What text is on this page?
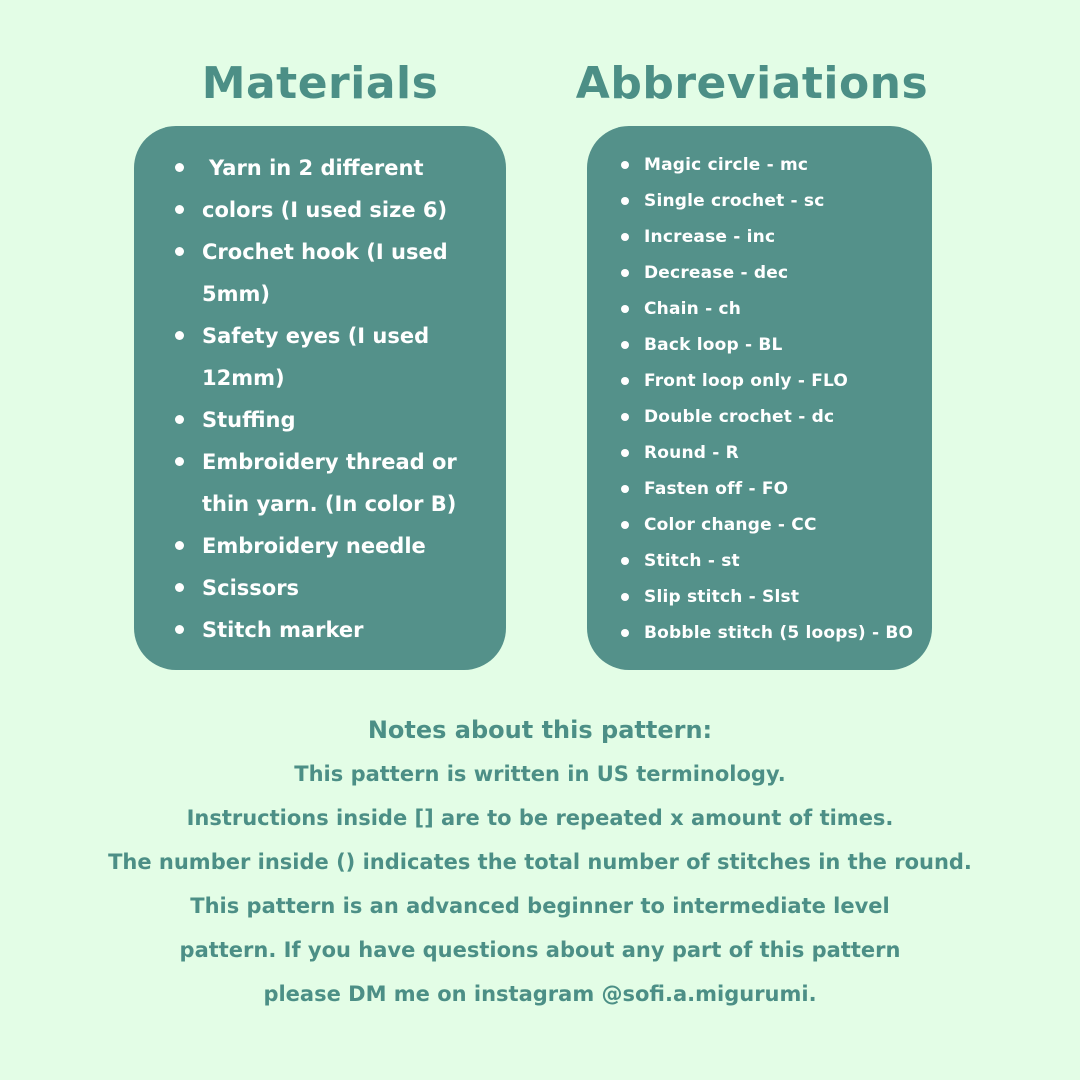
Materials	Abbreviations
Yarn in 2 different
colors (I used size 6)
Crochet hook (I used
5mm)
Safety eyes (I used
12mm)
Stuffing
Embroidery thread or
thin yarn. (In color B)
Embroidery needle
Scissors
Stitch marker
Magic circle - mc
Single crochet - sc
Increase - inc
Decrease - dec
Chain - ch
Back loop - BL
Front loop only - FLO
Double crochet - dc
Round - R
Fasten off - FO
Color change - CC
Stitch - st
Slip stitch - Slst
Bobble stitch (5 loops) - BO
Notes about this pattern:

This pattern is written in US terminology.

Instructions inside [] are to be repeated x amount of times.

The number inside () indicates the total number of stitches in the round.

This pattern is an advanced beginner to intermediate level

pattern. If you have questions about any part of this pattern

please DM me on instagram @sofi.a.migurumi.
